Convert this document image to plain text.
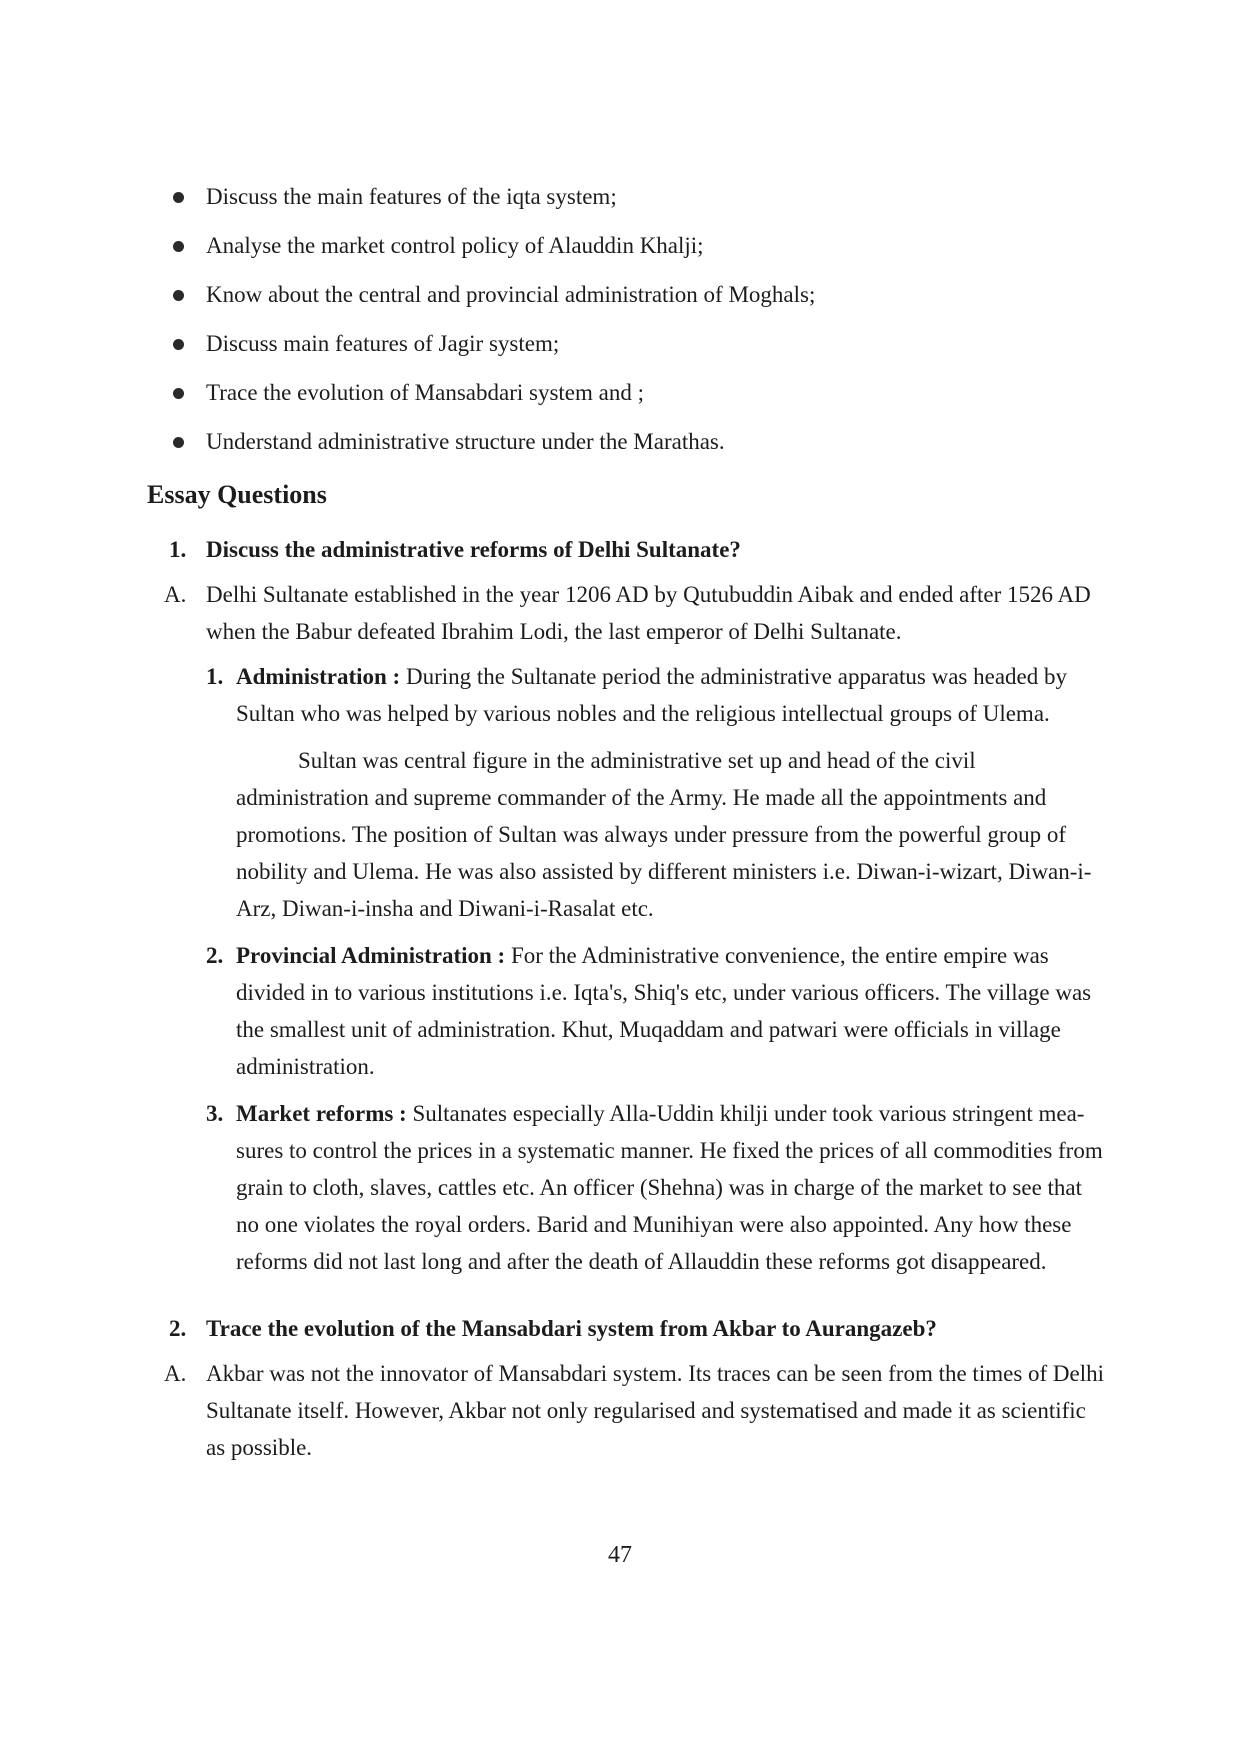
Discuss the main features of the iqta system;
Analyse the market control policy of Alauddin Khalji;
Know about the central and provincial administration of Moghals;
Discuss main features of Jagir system;
Trace the evolution of Mansabdari system and ;
Understand administrative structure under the Marathas.
Essay Questions
1. Discuss the administrative reforms of Delhi Sultanate?
A. Delhi Sultanate established in the year 1206 AD by Qutubuddin Aibak and ended after 1526 AD when the Babur defeated Ibrahim Lodi, the last emperor of Delhi Sultanate.
1. Administration : During the Sultanate period the administrative apparatus was headed by Sultan who was helped by various nobles and the religious intellectual groups of Ulema.

Sultan was central figure in the administrative set up and head of the civil administration and supreme commander of the Army. He made all the appointments and promotions. The position of Sultan was always under pressure from the powerful group of nobility and Ulema. He was also assisted by different ministers i.e. Diwan-i-wizart, Diwan-i-Arz, Diwan-i-insha and Diwani-i-Rasalat etc.

2. Provincial Administration : For the Administrative convenience, the entire empire was divided in to various institutions i.e. Iqta's, Shiq's etc, under various officers. The village was the smallest unit of administration. Khut, Muqaddam and patwari were officials in village administration.
3. Market reforms : Sultanates especially Alla-Uddin khilji under took various stringent mea-sures to control the prices in a systematic manner. He fixed the prices of all commodities from grain to cloth, slaves, cattles etc. An officer (Shehna) was in charge of the market to see that no one violates the royal orders. Barid and Munihiyan were also appointed. Any how these reforms did not last long and after the death of Allauddin these reforms got disappeared.
2. Trace the evolution of the Mansabdari system from Akbar to Aurangazeb?
A. Akbar was not the innovator of Mansabdari system. Its traces can be seen from the times of Delhi Sultanate itself. However, Akbar not only regularised and systematised and made it as scientific as possible.
47
